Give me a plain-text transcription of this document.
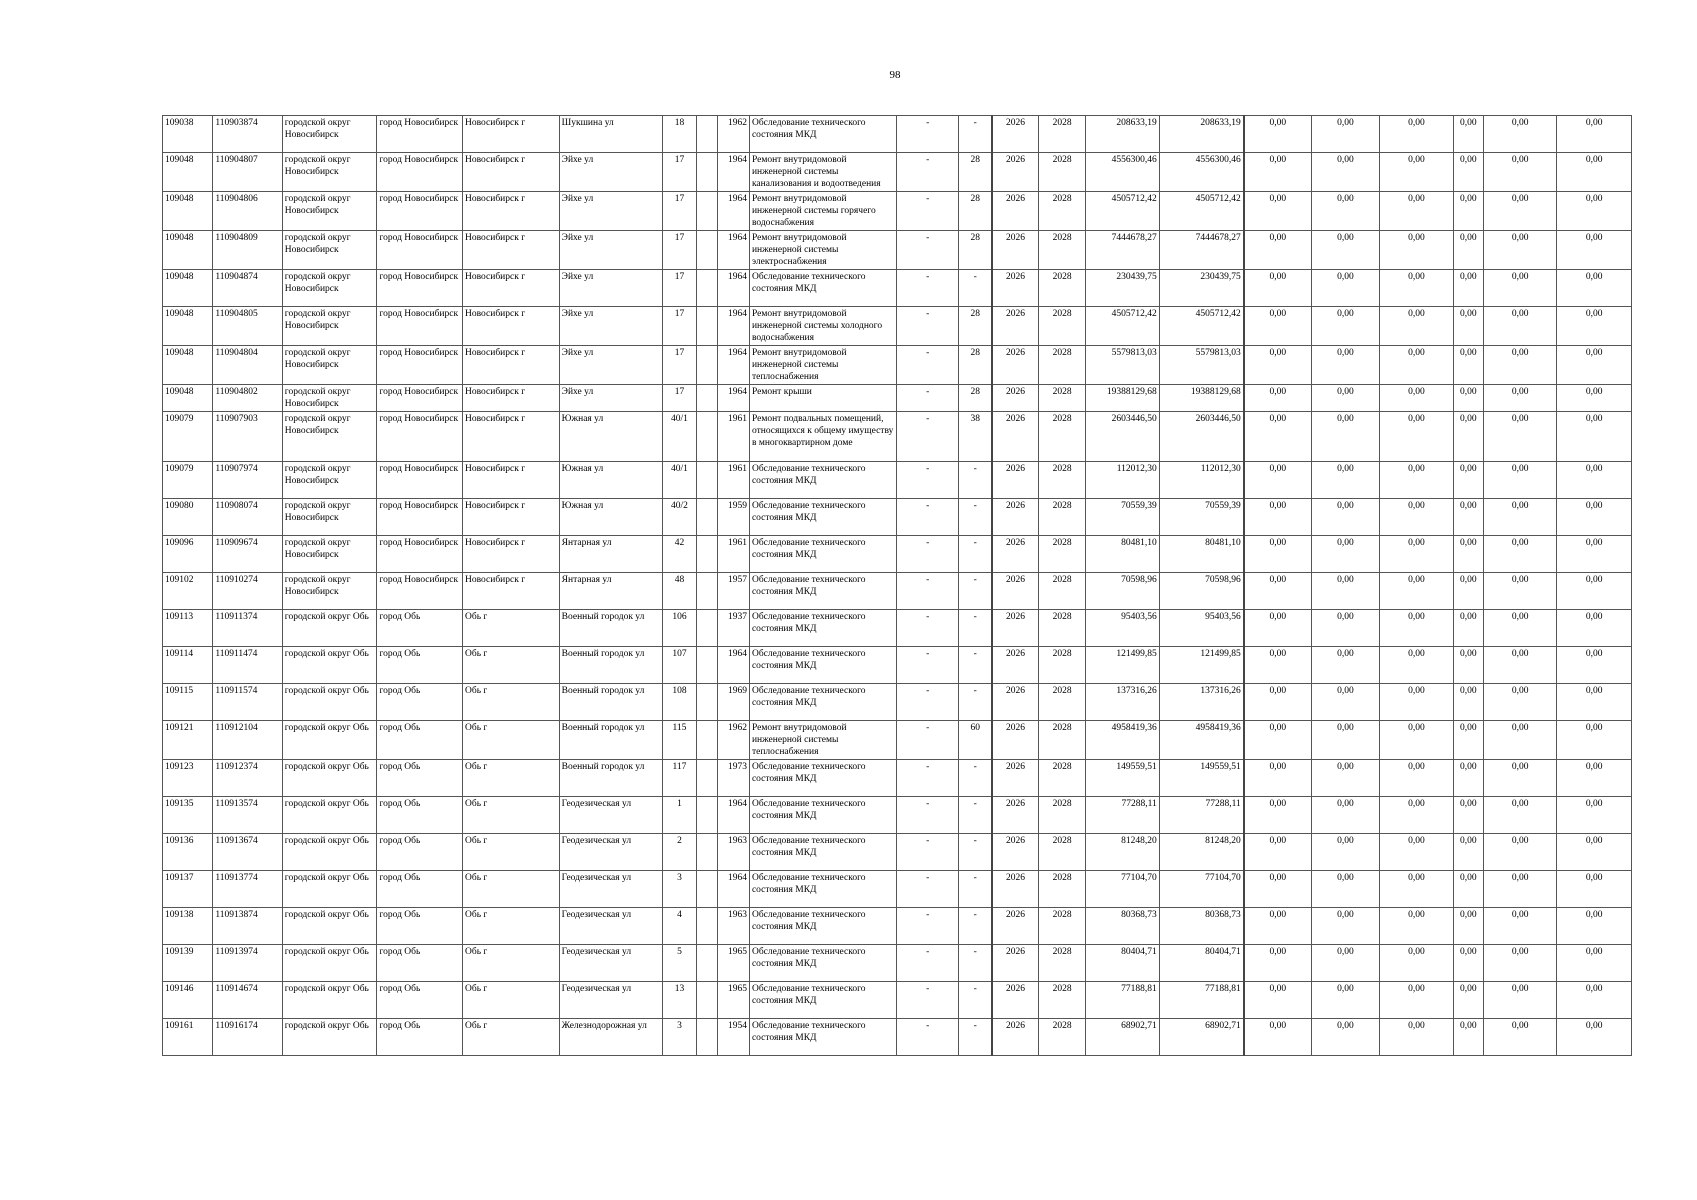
98
109038	110903874	городской округ Новосибирск	город Новосибирск	Новосибирск г	Шукшина ул	18		1962	Обследование технического состояния МКД	-	-	2026	2028	208633,19	208633,19	0,00	0,00	0,00	0,00	0,00	0,00
109048	110904807	городской округ Новосибирск	город Новосибирск	Новосибирск г	Эйхе ул	17		1964	Ремонт внутридомовой инженерной системы канализования и водоотведения	-	28	2026	2028	4556300,46	4556300,46	0,00	0,00	0,00	0,00	0,00	0,00
109048	110904806	городской округ Новосибирск	город Новосибирск	Новосибирск г	Эйхе ул	17		1964	Ремонт внутридомовой инженерной системы горячего водоснабжения	-	28	2026	2028	4505712,42	4505712,42	0,00	0,00	0,00	0,00	0,00	0,00
109048	110904809	городской округ Новосибирск	город Новосибирск	Новосибирск г	Эйхе ул	17		1964	Ремонт внутридомовой инженерной системы электроснабжения	-	28	2026	2028	7444678,27	7444678,27	0,00	0,00	0,00	0,00	0,00	0,00
109048	110904874	городской округ Новосибирск	город Новосибирск	Новосибирск г	Эйхе ул	17		1964	Обследование технического состояния МКД	-	-	2026	2028	230439,75	230439,75	0,00	0,00	0,00	0,00	0,00	0,00
109048	110904805	городской округ Новосибирск	город Новосибирск	Новосибирск г	Эйхе ул	17		1964	Ремонт внутридомовой инженерной системы холодного водоснабжения	-	28	2026	2028	4505712,42	4505712,42	0,00	0,00	0,00	0,00	0,00	0,00
109048	110904804	городской округ Новосибирск	город Новосибирск	Новосибирск г	Эйхе ул	17		1964	Ремонт внутридомовой инженерной системы теплоснабжения	-	28	2026	2028	5579813,03	5579813,03	0,00	0,00	0,00	0,00	0,00	0,00
109048	110904802	городской округ Новосибирск	город Новосибирск	Новосибирск г	Эйхе ул	17		1964	Ремонт крыши	-	28	2026	2028	19388129,68	19388129,68	0,00	0,00	0,00	0,00	0,00	0,00
109079	110907903	городской округ Новосибирск	город Новосибирск	Новосибирск г	Южная ул	40/1		1961	Ремонт подвальных помещений, относящихся к общему имуществу в многоквартирном доме	-	38	2026	2028	2603446,50	2603446,50	0,00	0,00	0,00	0,00	0,00	0,00
109079	110907974	городской округ Новосибирск	город Новосибирск	Новосибирск г	Южная ул	40/1		1961	Обследование технического состояния МКД	-	-	2026	2028	112012,30	112012,30	0,00	0,00	0,00	0,00	0,00	0,00
109080	110908074	городской округ Новосибирск	город Новосибирск	Новосибирск г	Южная ул	40/2		1959	Обследование технического состояния МКД	-	-	2026	2028	70559,39	70559,39	0,00	0,00	0,00	0,00	0,00	0,00
109096	110909674	городской округ Новосибирск	город Новосибирск	Новосибирск г	Янтарная ул	42		1961	Обследование технического состояния МКД	-	-	2026	2028	80481,10	80481,10	0,00	0,00	0,00	0,00	0,00	0,00
109102	110910274	городской округ Новосибирск	город Новосибирск	Новосибирск г	Янтарная ул	48		1957	Обследование технического состояния МКД	-	-	2026	2028	70598,96	70598,96	0,00	0,00	0,00	0,00	0,00	0,00
109113	110911374	городской округ Обь	город Обь	Обь г	Военный городок ул	106		1937	Обследование технического состояния МКД	-	-	2026	2028	95403,56	95403,56	0,00	0,00	0,00	0,00	0,00	0,00
109114	110911474	городской округ Обь	город Обь	Обь г	Военный городок ул	107		1964	Обследование технического состояния МКД	-	-	2026	2028	121499,85	121499,85	0,00	0,00	0,00	0,00	0,00	0,00
109115	110911574	городской округ Обь	город Обь	Обь г	Военный городок ул	108		1969	Обследование технического состояния МКД	-	-	2026	2028	137316,26	137316,26	0,00	0,00	0,00	0,00	0,00	0,00
109121	110912104	городской округ Обь	город Обь	Обь г	Военный городок ул	115		1962	Ремонт внутридомовой инженерной системы теплоснабжения	-	60	2026	2028	4958419,36	4958419,36	0,00	0,00	0,00	0,00	0,00	0,00
109123	110912374	городской округ Обь	город Обь	Обь г	Военный городок ул	117		1973	Обследование технического состояния МКД	-	-	2026	2028	149559,51	149559,51	0,00	0,00	0,00	0,00	0,00	0,00
109135	110913574	городской округ Обь	город Обь	Обь г	Геодезическая ул	1		1964	Обследование технического состояния МКД	-	-	2026	2028	77288,11	77288,11	0,00	0,00	0,00	0,00	0,00	0,00
109136	110913674	городской округ Обь	город Обь	Обь г	Геодезическая ул	2		1963	Обследование технического состояния МКД	-	-	2026	2028	81248,20	81248,20	0,00	0,00	0,00	0,00	0,00	0,00
109137	110913774	городской округ Обь	город Обь	Обь г	Геодезическая ул	3		1964	Обследование технического состояния МКД	-	-	2026	2028	77104,70	77104,70	0,00	0,00	0,00	0,00	0,00	0,00
109138	110913874	городской округ Обь	город Обь	Обь г	Геодезическая ул	4		1963	Обследование технического состояния МКД	-	-	2026	2028	80368,73	80368,73	0,00	0,00	0,00	0,00	0,00	0,00
109139	110913974	городской округ Обь	город Обь	Обь г	Геодезическая ул	5		1965	Обследование технического состояния МКД	-	-	2026	2028	80404,71	80404,71	0,00	0,00	0,00	0,00	0,00	0,00
109146	110914674	городской округ Обь	город Обь	Обь г	Геодезическая ул	13		1965	Обследование технического состояния МКД	-	-	2026	2028	77188,81	77188,81	0,00	0,00	0,00	0,00	0,00	0,00
109161	110916174	городской округ Обь	город Обь	Обь г	Железнодорожная ул	3		1954	Обследование технического состояния МКД	-	-	2026	2028	68902,71	68902,71	0,00	0,00	0,00	0,00	0,00	0,00
